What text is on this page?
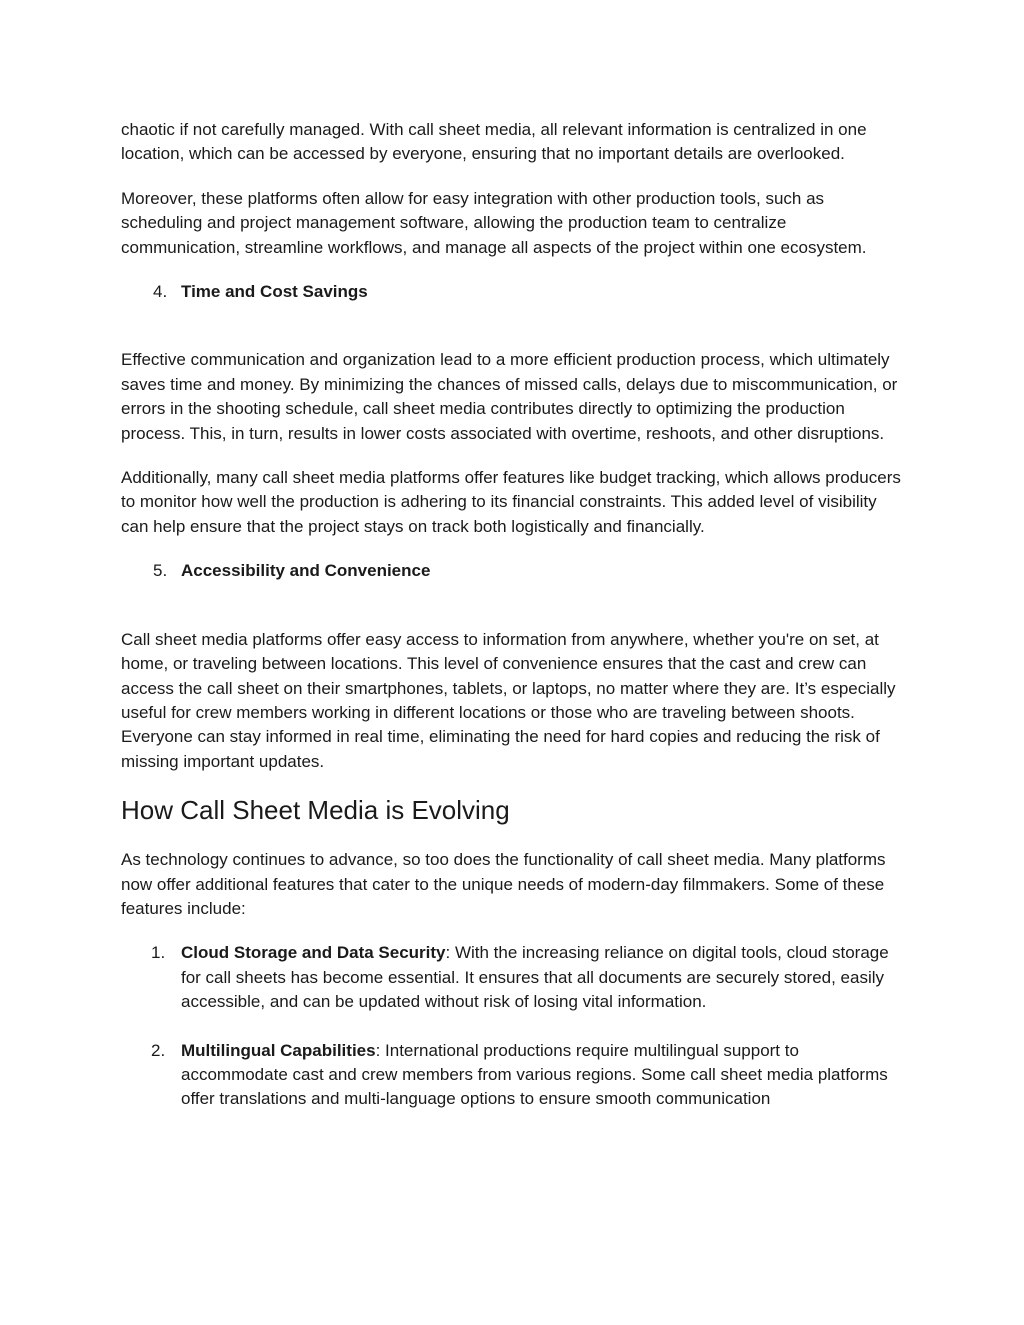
chaotic if not carefully managed. With call sheet media, all relevant information is centralized in one location, which can be accessed by everyone, ensuring that no important details are overlooked.

Moreover, these platforms often allow for easy integration with other production tools, such as scheduling and project management software, allowing the production team to centralize communication, streamline workflows, and manage all aspects of the project within one ecosystem.

4. Time and Cost Savings

Effective communication and organization lead to a more efficient production process, which ultimately saves time and money. By minimizing the chances of missed calls, delays due to miscommunication, or errors in the shooting schedule, call sheet media contributes directly to optimizing the production process. This, in turn, results in lower costs associated with overtime, reshoots, and other disruptions.

Additionally, many call sheet media platforms offer features like budget tracking, which allows producers to monitor how well the production is adhering to its financial constraints. This added level of visibility can help ensure that the project stays on track both logistically and financially.

5. Accessibility and Convenience

Call sheet media platforms offer easy access to information from anywhere, whether you're on set, at home, or traveling between locations. This level of convenience ensures that the cast and crew can access the call sheet on their smartphones, tablets, or laptops, no matter where they are. It’s especially useful for crew members working in different locations or those who are traveling between shoots. Everyone can stay informed in real time, eliminating the need for hard copies and reducing the risk of missing important updates.

How Call Sheet Media is Evolving

As technology continues to advance, so too does the functionality of call sheet media. Many platforms now offer additional features that cater to the unique needs of modern-day filmmakers. Some of these features include:

1. Cloud Storage and Data Security: With the increasing reliance on digital tools, cloud storage for call sheets has become essential. It ensures that all documents are securely stored, easily accessible, and can be updated without risk of losing vital information.
2. Multilingual Capabilities: International productions require multilingual support to accommodate cast and crew members from various regions. Some call sheet media platforms offer translations and multi-language options to ensure smooth communication
